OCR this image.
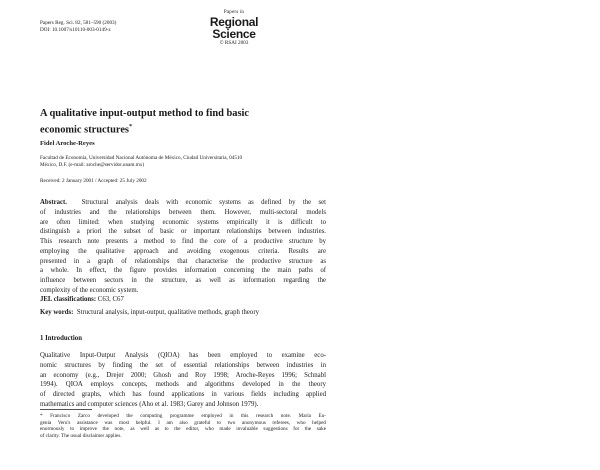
Papers Reg. Sci. 82, 581–590 (2003)
DOI: 10.1007/s10110-003-0149-z
Papers in
Regional
Science
© RSAI 2003
A qualitative input-output method to find basic
economic structures*
Fidel Aroche-Reyes
Facultad de Economía, Universidad Nacional Autónoma de México, Ciudad Universitaria, 04510
México, D.F. (e-mail: aroche@servidor.unam.mx)
Received: 2 January 2001 / Accepted: 25 July 2002
Abstract. Structural analysis deals with economic systems as defined by the set
of industries and the relationships between them. However, multi-sectoral models
are often limited: when studying economic systems empirically it is difficult to
distinguish a priori the subset of basic or important relationships between industries.
This research note presents a method to find the core of a productive structure by
employing the qualitative approach and avoiding exogenous criteria. Results are
presented in a graph of relationships that characterise the productive structure as
a whole. In effect, the figure provides information concerning the main paths of
influence between sectors in the structure, as well as information regarding the
complexity of the economic system.
JEL classifications: C63, C67
Key words: Structural analysis, input-output, qualitative methods, graph theory
1 Introduction
Qualitative Input-Output Analysis (QIOA) has been employed to examine eco-
nomic structures by finding the set of essential relationships between industries in
an economy (e.g., Drejer 2000; Ghosh and Roy 1998; Aroche-Reyes 1996; Schnabl
1994). QIOA employs concepts, methods and algorithms developed in the theory
of directed graphs, which has found applications in various fields including applied
mathematics and computer sciences (Aho et al. 1983; Garey and Johnson 1979).
* Francisco Zarco developed the computing programme employed in this research note. María Eu-
genia Veru's assistance was most helpful. I am also grateful to two anonymous referees, who helped
enormously to improve the note, as well as to the editor, who made invaluable suggestions for the sake
of clarity. The usual disclaimer applies.
